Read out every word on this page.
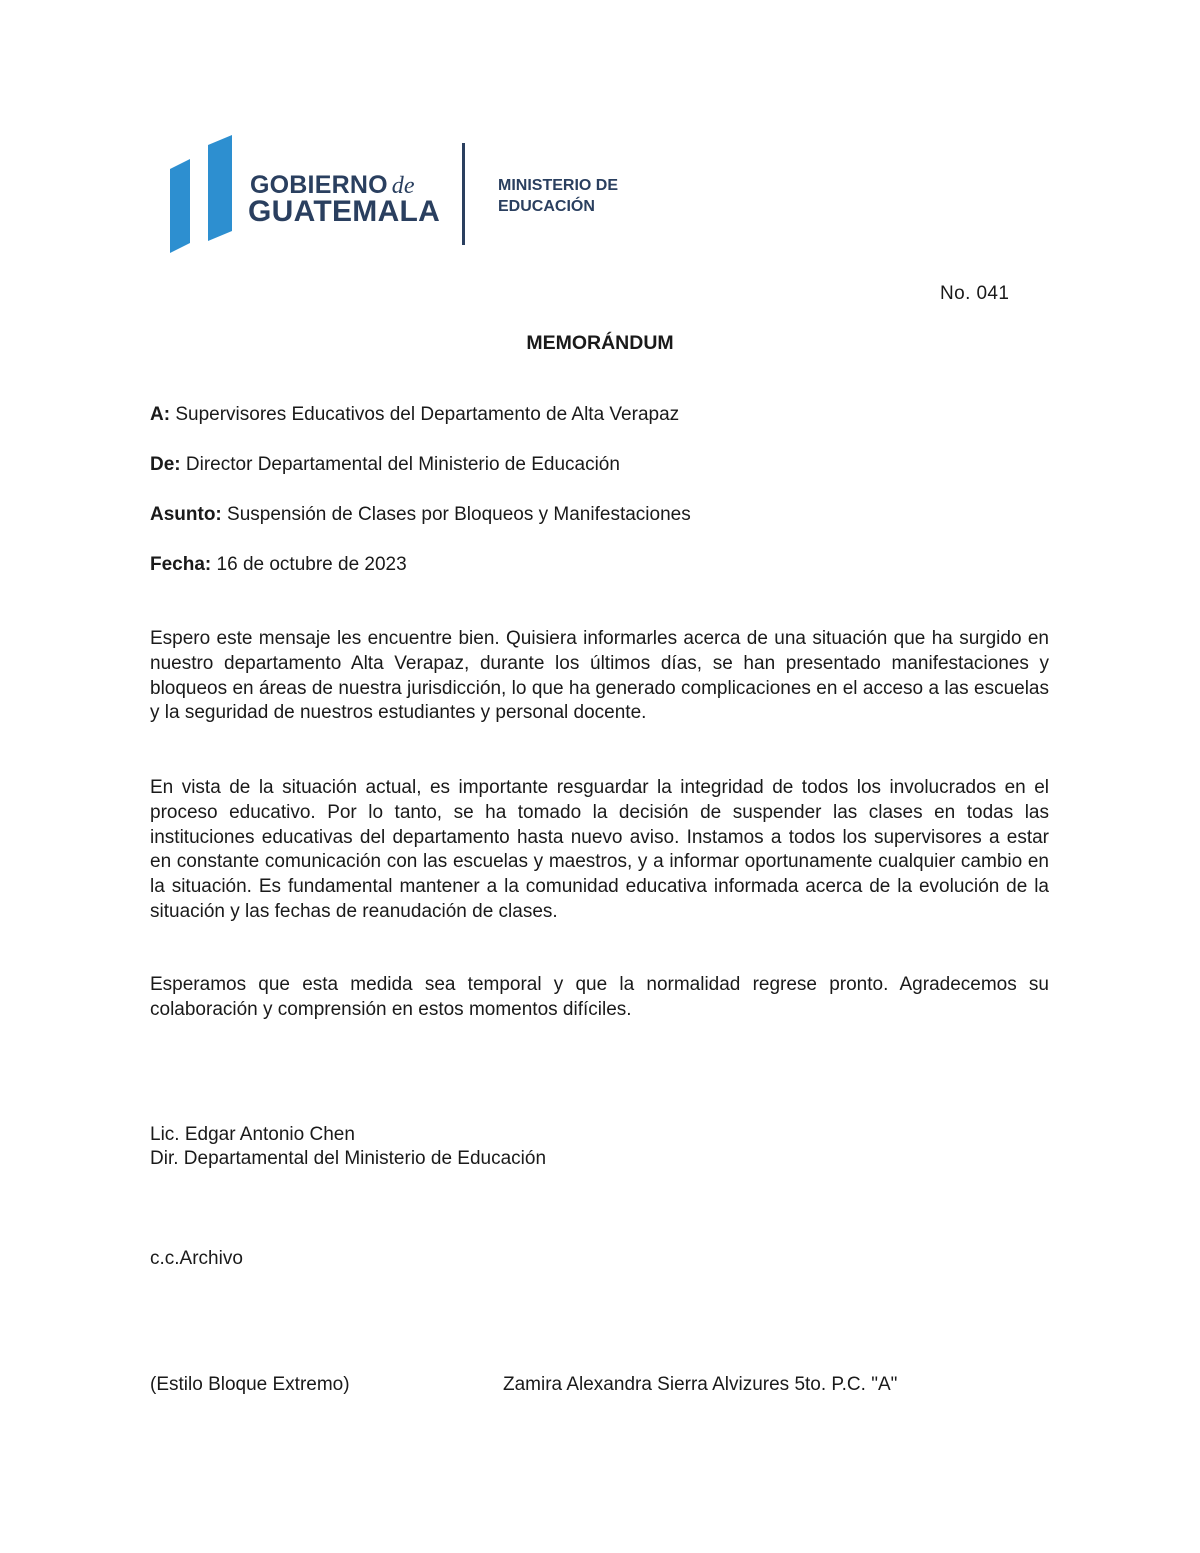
GOBIERNO de
GUATEMALA
MINISTERIO DE
EDUCACIÓN
No. 041
MEMORÁNDUM
A: Supervisores Educativos del Departamento de Alta Verapaz
De: Director Departamental del Ministerio de Educación
Asunto: Suspensión de Clases por Bloqueos y Manifestaciones
Fecha: 16 de octubre de 2023

Espero este mensaje les encuentre bien. Quisiera informarles acerca de una situación que ha surgido en nuestro departamento Alta Verapaz, durante los últimos días, se han presentado manifestaciones y bloqueos en áreas de nuestra jurisdicción, lo que ha generado complicaciones en el acceso a las escuelas y la seguridad de nuestros estudiantes y personal docente.

En vista de la situación actual, es importante resguardar la integridad de todos los involucrados en el proceso educativo. Por lo tanto, se ha tomado la decisión de suspender las clases en todas las instituciones educativas del departamento hasta nuevo aviso. Instamos a todos los supervisores a estar en constante comunicación con las escuelas y maestros, y a informar oportunamente cualquier cambio en la situación. Es fundamental mantener a la comunidad educativa informada acerca de la evolución de la situación y las fechas de reanudación de clases.

Esperamos que esta medida sea temporal y que la normalidad regrese pronto. Agradecemos su colaboración y comprensión en estos momentos difíciles.

Lic. Edgar Antonio Chen
Dir. Departamental del Ministerio de Educación
c.c.Archivo
(Estilo Bloque Extremo)	Zamira Alexandra Sierra Alvizures 5to. P.C. "A"
